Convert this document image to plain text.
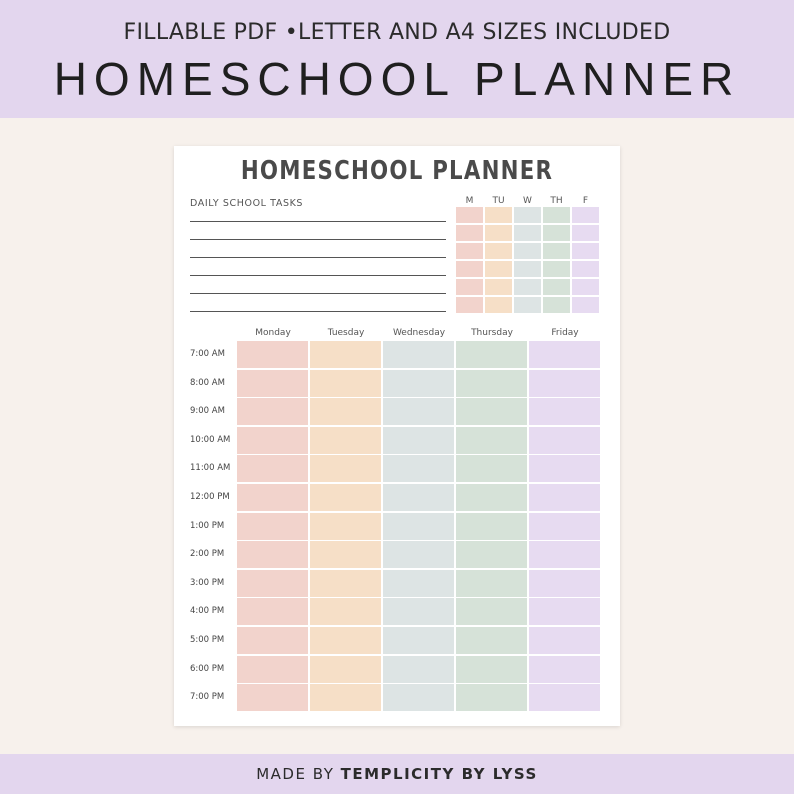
FILLABLE PDF •LETTER AND A4 SIZES INCLUDED
HOMESCHOOL PLANNER
HOMESCHOOL PLANNER
DAILY SCHOOL TASKS	M	TU	W	TH	F
Monday	Tuesday	Wednesday	Thursday	Friday
7:00 AM
8:00 AM
9:00 AM
10:00 AM
11:00 AM
12:00 PM
1:00 PM
2:00 PM
3:00 PM
4:00 PM
5:00 PM
6:00 PM
7:00 PM
MADE BY TEMPLICITY BY LYSS
